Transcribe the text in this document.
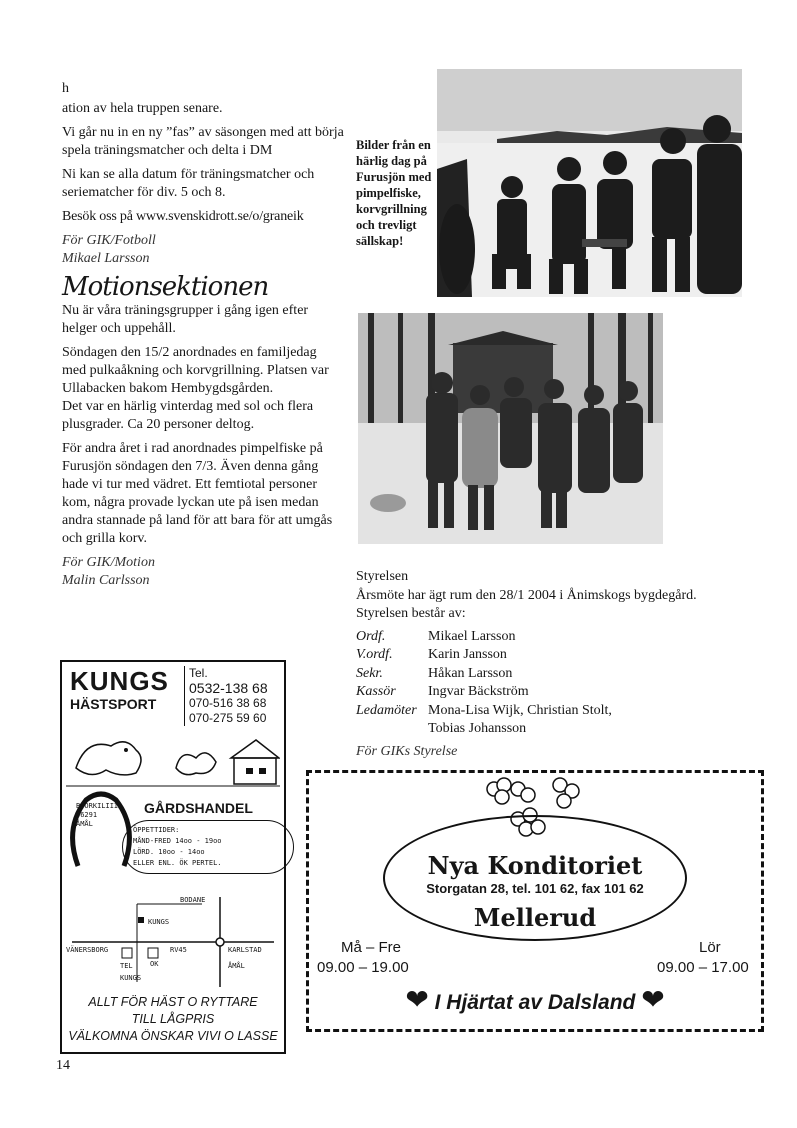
h

ation av hela truppen senare.

Vi går nu in en ny ”fas” av säsongen med att börja spela träningsmatcher och delta i DM

Ni kan se alla datum för träningsmatcher och seriematcher för div. 5 och 8.

Besök oss på www.svenskidrott.se/o/graneik

För GIK/Fotboll
Mikael Larsson
Motionsektionen

Nu är våra träningsgrupper i gång igen efter helger och uppehåll.

Söndagen den 15/2 anordnades en familjedag med pulkaåkning och korvgrillning. Platsen var Ullabacken bakom Hembygdsgården.

Det var en härlig vinterdag med sol och flera plusgrader. Ca 20 personer deltog.

För andra året i rad anordnades pimpelfiske på Furusjön söndagen den 7/3. Även denna gång hade vi tur med vädret. Ett femtiotal personer kom, några provade lyckan ute på isen medan andra stannade på land för att bara för att umgås och grilla korv.

För GIK/Motion
Malin Carlsson
Bilder från en härlig dag på Furusjön med pimpelfiske, korvgrillning och trevligt sällskap!
Styrelsen
Årsmöte har ägt rum den 28/1 2004 i Ånimskogs bygdegård. Styrelsen består av:
Ordf.	Mikael Larsson
V.ordf.	Karin Jansson
Sekr.	Håkan Larsson
Kassör	Ingvar Bäckström
Ledamöter Mona-Lisa Wijk, Christian Stolt,
Tobias Johansson
För GIKs Styrelse
KUNGS
HÄSTSPORT
Tel.
0532-138 68
070-516 38 68
070-275 59 60
BJÖRKILIII 66291 ÅMÅL
GÅRDSHANDEL
ÖPPETTIDER:
MÅND-FRED 14oo - 19oo
LÖRD. 10oo - 14oo
ELLER ENL. ÖK PERTEL.
BODANE
KUNGS
VÄNERSBORG	RV45	KARLSTAD
ÅMÅL
OK
TEL
KUNGS
ALLT FÖR HÄST O RYTTARE
TILL LÅGPRIS
VÄLKOMNA ÖNSKAR VIVI O LASSE
Nya Konditoriet
Storgatan 28, tel. 101 62, fax 101 62
Mellerud
Må – Fre
09.00 – 19.00
Lör
09.00 – 17.00
❤ I Hjärtat av Dalsland ❤
14
